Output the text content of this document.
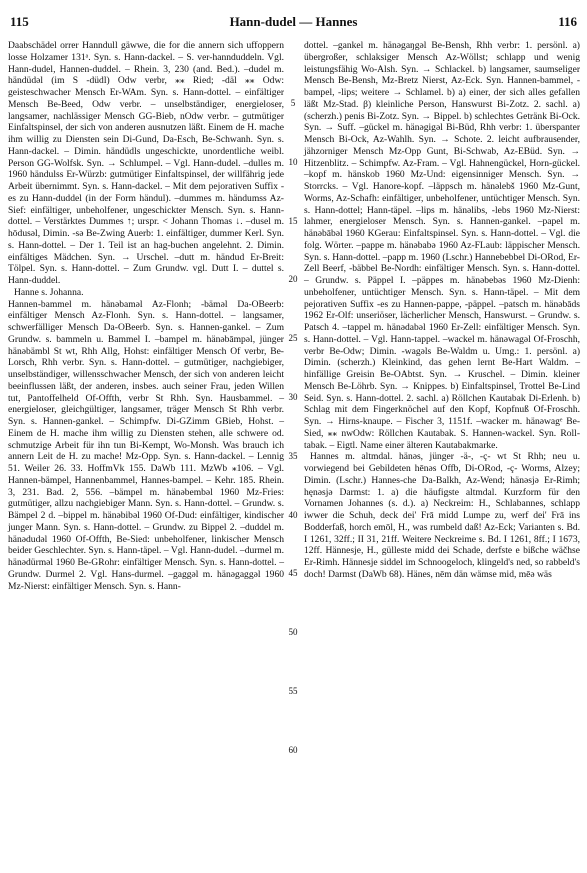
115	Hann-dudel — Hannes	116

Daabschädel orrer Hanndull gäwwe, die for die annern sich uffoppern losse Holzamer 131ᵃ. Syn. s. Hann-dackel. – S. ver-hannduddeln. Vgl. Hann-dudel, Hannen-duddel. – Rhein. 3, 230 (and. Bed.). –dudel m. händüdəl (im S -düdl) Odw verbr, ⁎⁎ Ried; -däl ⁎⁎ Odw: geisteschwacher Mensch Er-WAm. Syn. s. Hann-dottel. – einfältiger Mensch Be-Beed, Odw verbr. – unselbständiger, energieloser, langsamer, nachlässiger Mensch GG-Bieb, nOdw verbr. – gutmütiger Einfaltspinsel, der sich von anderen ausnutzen läßt. Einem de H. mache ihm willig zu Diensten sein Di-Gund, Da-Esch, Be-Schwanh. Syn. s. Hann-dackel. – Dimin. händüdls ungeschickte, unordentliche weibl. Person GG-Wolfsk. Syn. → Schlumpel. – Vgl. Hann-dudel. –dulles m. 1960 händulss Er-Würzb: gutmütiger Einfaltspinsel, der willfährig jede Arbeit übernimmt. Syn. s. Hann-dackel. – Mit dem pejorativen Suffix -es zu Hann-duddel (in der Form händul). –dummes m. händumss Az-Sief: einfältiger, unbeholfener, ungeschickter Mensch. Syn. s. Hann-dottel. – Verstärktes Dummes ↑; urspr. < Johann Thomas ↓. –dusel m. hōdusəl, Dimin. -sə Be-Zwing Auerb: 1. einfältiger, dummer Kerl. Syn. s. Hann-dottel. – Der 1. Teil ist an hag-buchen angelehnt. 2. Dimin. einfältiges Mädchen. Syn. → Urschel. –dutt m. händud Er-Breit: Tölpel. Syn. s. Hann-dottel. – Zum Grundw. vgl. Dutt I. – duttel s. Hann-duddel.

Hanne s. Johanna.

Hannen-bammel m. hänəbaməl Az-Flonh; -bäməl Da-OBeerb: einfältiger Mensch Az-Flonh. Syn. s. Hann-dottel. – langsamer, schwerfälliger Mensch Da-OBeerb. Syn. s. Hannen-gankel. – Zum Grundw. s. bammeln u. Bammel I. –bampel m. hänəbāmpəl, jünger hänəbämbl St wt, Rhh Allg, Hohst: einfältiger Mensch Of verbr, Be-Lorsch, Rhh verbr. Syn. s. Hann-dottel. – gutmütiger, nachgiebiger, unselbständiger, willensschwacher Mensch, der sich von anderen leicht beeinflussen läßt, der anderen, insbes. auch seiner Frau, jeden Willen tut, Pantoffelheld Of-Offth, verbr St Rhh. Syn. Hausbammel. – energieloser, gleichgültiger, langsamer, träger Mensch St Rhh verbr. Syn. s. Hannen-gankel. – Schimpfw. Di-GZimm GBieb, Hohst. – Einem de H. mache ihm willig zu Diensten stehen, alle schwere od. schmutzige Arbeit für ihn tun Bi-Kempt, Wo-Monsh. Was brauch ich annern Leit de H. zu mache! Mz-Opp. Syn. s. Hann-dackel. – Lennig 51. Weiler 26. 33. HoffmVk 155. DaWb 111. MzWb ⁎106. – Vgl. Hannen-bämpel, Hannenbammel, Hannes-bampel. – Kehr. 185. Rhein. 3, 231. Bad. 2, 556. –bämpel m. hänəbembəl 1960 Mz-Fries: gutmütiger, allzu nachgiebiger Mann. Syn. s. Hann-dottel. – Grundw. s. Bämpel 2 d. –bippel m. hänəbibəl 1960 Of-Dud: einfältiger, kindischer junger Mann. Syn. s. Hann-dottel. – Grundw. zu Bippel 2. –duddel m. hänədudəl 1960 Of-Offth, Be-Sied: unbeholfener, linkischer Mensch beider Geschlechter. Syn. s. Hann-täpel. – Vgl. Hann-dudel. –durmel m. hänədürməl 1960 Be-GRohr: einfältiger Mensch. Syn. s. Hann-dottel. – Grundw. Durmel 2. Vgl. Hans-durmel. –gaggəl m. hänəgaggəl 1960 Mz-Nierst: einfältiger Mensch. Syn. s. Hann-

5
10
15
20
25
30
35
40
45
50
55
60

dottel. –gankel m. hänəgaŋgəl Be-Bensh, Rhh verbr: 1. persönl. a) übergroßer, schlaksiger Mensch Az-Wöllst; schlapp und wenig leistungsfähig Wo-Alsh. Syn. → Schlackel. b) langsamer, saumseliger Mensch Be-Bensh, Mz-Bretz Nierst, Az-Eck. Syn. Hannen-bammel, -bampel, -lips; weitere → Schlamel. b) a) einer, der sich alles gefallen läßt Mz-Stad. β) kleinliche Person, Hanswurst Bi-Zotz. 2. sachl. a) (scherzh.) penis Bi-Zotz. Syn. → Bippel. b) schlechtes Getränk Bi-Ock. Syn. → Suff. –gückel m. hänəgigəl Bi-Büd, Rhh verbr: 1. überspanter Mensch Bi-Ock, Az-Wahlh. Syn. → Schote. 2. leicht aufbrausender, jähzorniger Mensch Mz-Opp Gunt, Bi-Schwab, Az-EBüd. Syn. → Hitzenblitz. – Schimpfw. Az-Fram. – Vgl. Hahnengückel, Horn-gückel. –kopf m. hänskob 1960 Mz-Und: eigensinniger Mensch. Syn. → Storrcks. – Vgl. Hanore-kopf. –läppsch m. hänəlebš 1960 Mz-Gunt, Worms, Az-Schafh: einfältiger, unbeholfener, untüchtiger Mensch. Syn. s. Hann-dottel; Hann-täpel. –lips m. hänəlibs, -lebs 1960 Mz-Nierst: lahmer, energieloser Mensch. Syn. s. Hannen-gankel. –papel m. hänəbābəl 1960 KGerau: Einfaltspinsel. Syn. s. Hann-dottel. – Vgl. die folg. Wörter. –pappe m. hänəbabə 1960 Az-FLaub: läppischer Mensch. Syn. s. Hann-dottel. –papp m. 1960 (Lschr.) Hannebebbel Di-ORod, Er-Zell Beerf, -bäbbel Be-Nordh: einfältiger Mensch. Syn. s. Hann-dottel. – Grundw. s. Päppel I. –päppes m. hänəbebəs 1960 Mz-Dienh: unbeholfener, untüchtiger Mensch. Syn. s. Hann-täpel. – Mit dem pejorativen Suffix -es zu Hannen-pappe, -päppel. –patsch m. hänəbāds 1962 Er-Olf: unseriöser, lächerlicher Mensch, Hanswurst. – Grundw. s. Patsch 4. –tappel m. hänədabəl 1960 Er-Zell: einfältiger Mensch. Syn. s. Hann-dottel. – Vgl. Hann-tappel. –wackel m. hänəwagəl Of-Froschh, verbr Be-Odw; Dimin. -wagəls Be-Waldm u. Umg.: 1. persönl. a) Dimin. (scherzh.) Kleinkind, das gehen lernt Be-Hart Waldm. – hinfällige Greisin Be-OAbtst. Syn. → Kruschel. – Dimin. kleiner Mensch Be-Löhrb. Syn. → Knippes. b) Einfaltspinsel, Trottel Be-Lind Seid. Syn. s. Hann-dottel. 2. sachl. a) Röllchen Kautabak Di-Erlenh. b) Schlag mit dem Fingerknöchel auf den Kopf, Kopfnuß Of-Froschh. Syn. → Hirns-knaupe. – Fischer 3, 1151f. –wacker m. hänəwagᵉ Be-Sied, ⁎⁎ nwOdw: Röllchen Kautabak. S. Hannen-wackel. Syn. Roll-tabak. – Eigtl. Name einer älteren Kautabakmarke.

Hannes m. altmdal. hänəs, jünger -ä-, -ç- wt St Rhh; neu u. vorwiegend bei Gebildeten hēnəs Offb, Di-ORod, -ç- Worms, Alzey; Dimin. (Lschr.) Hannes-che Da-Balkh, Az-Wend; hänəsjə Er-Rimh; hęnəsjə Darmst: 1. a) die häufigste altmdal. Kurzform für den Vornamen Johannes (s. d.). a) Neckreim: H., Schlabannes, schlapp iwwer die Schuh, deck dei' Frā midd Lumpe zu, werf dei' Frā ins Bodderfaß, horch emōl, H., was rumbeld daß! Az-Eck; Varianten s. Bd. I 1261, 32ff.; II 31, 21ff. Weitere Neckreime s. Bd. I 1261, 8ff.; I 1673, 12ff. Hännesje, H., gülleste midd dei Schade, derfste e bißche wäčhse Er-Rimh. Hännesje siddel im Schnoogeloch, klingeld's ned, so rabbeld's doch! Darmst (DaWb 68). Hänes, nēm dän wämse mid, mēə wäs
